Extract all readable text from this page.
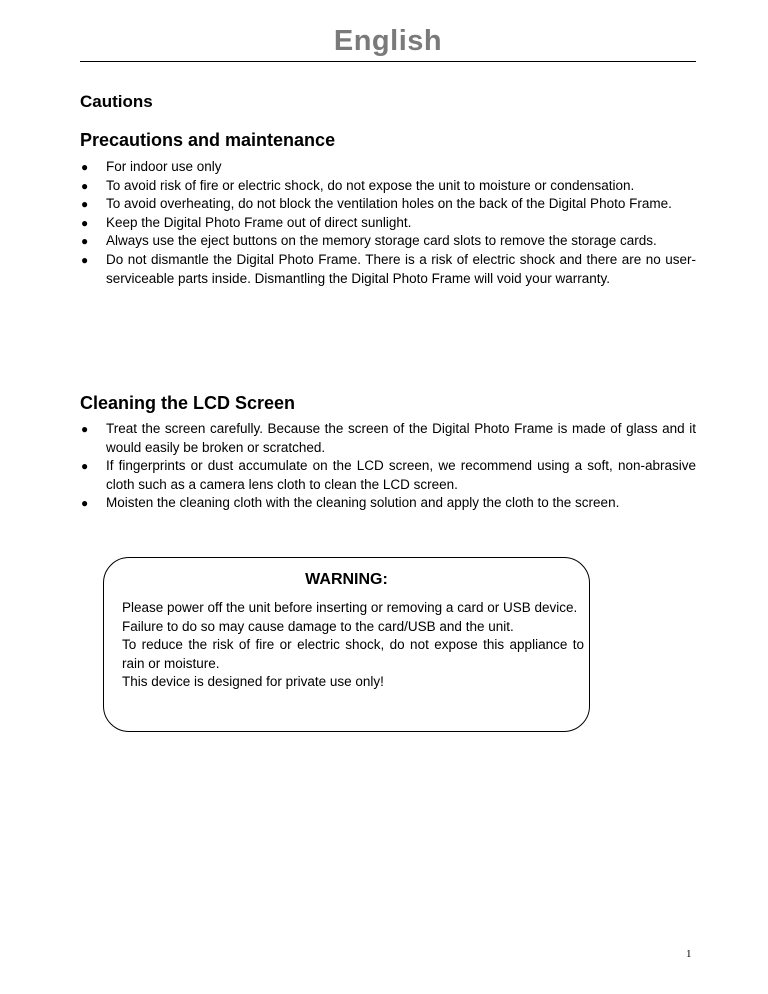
English
Cautions
Precautions and maintenance
● For indoor use only
● To avoid risk of fire or electric shock, do not expose the unit to moisture or condensation.
● To avoid overheating, do not block the ventilation holes on the back of the Digital Photo Frame.
● Keep the Digital Photo Frame out of direct sunlight.
● Always use the eject buttons on the memory storage card slots to remove the storage cards.
● Do not dismantle the Digital Photo Frame. There is a risk of electric shock and there are no user-serviceable parts inside. Dismantling the Digital Photo Frame will void your warranty.
Cleaning the LCD Screen
● Treat the screen carefully. Because the screen of the Digital Photo Frame is made of glass and it would easily be broken or scratched.
● If fingerprints or dust accumulate on the LCD screen, we recommend using a soft, non-abrasive cloth such as a camera lens cloth to clean the LCD screen.
● Moisten the cleaning cloth with the cleaning solution and apply the cloth to the screen.
WARNING:

Please power off the unit before inserting or removing a card or USB device.

Failure to do so may cause damage to the card/USB and the unit.

To reduce the risk of fire or electric shock, do not expose this appliance to rain or moisture.

This device is designed for private use only!

1
